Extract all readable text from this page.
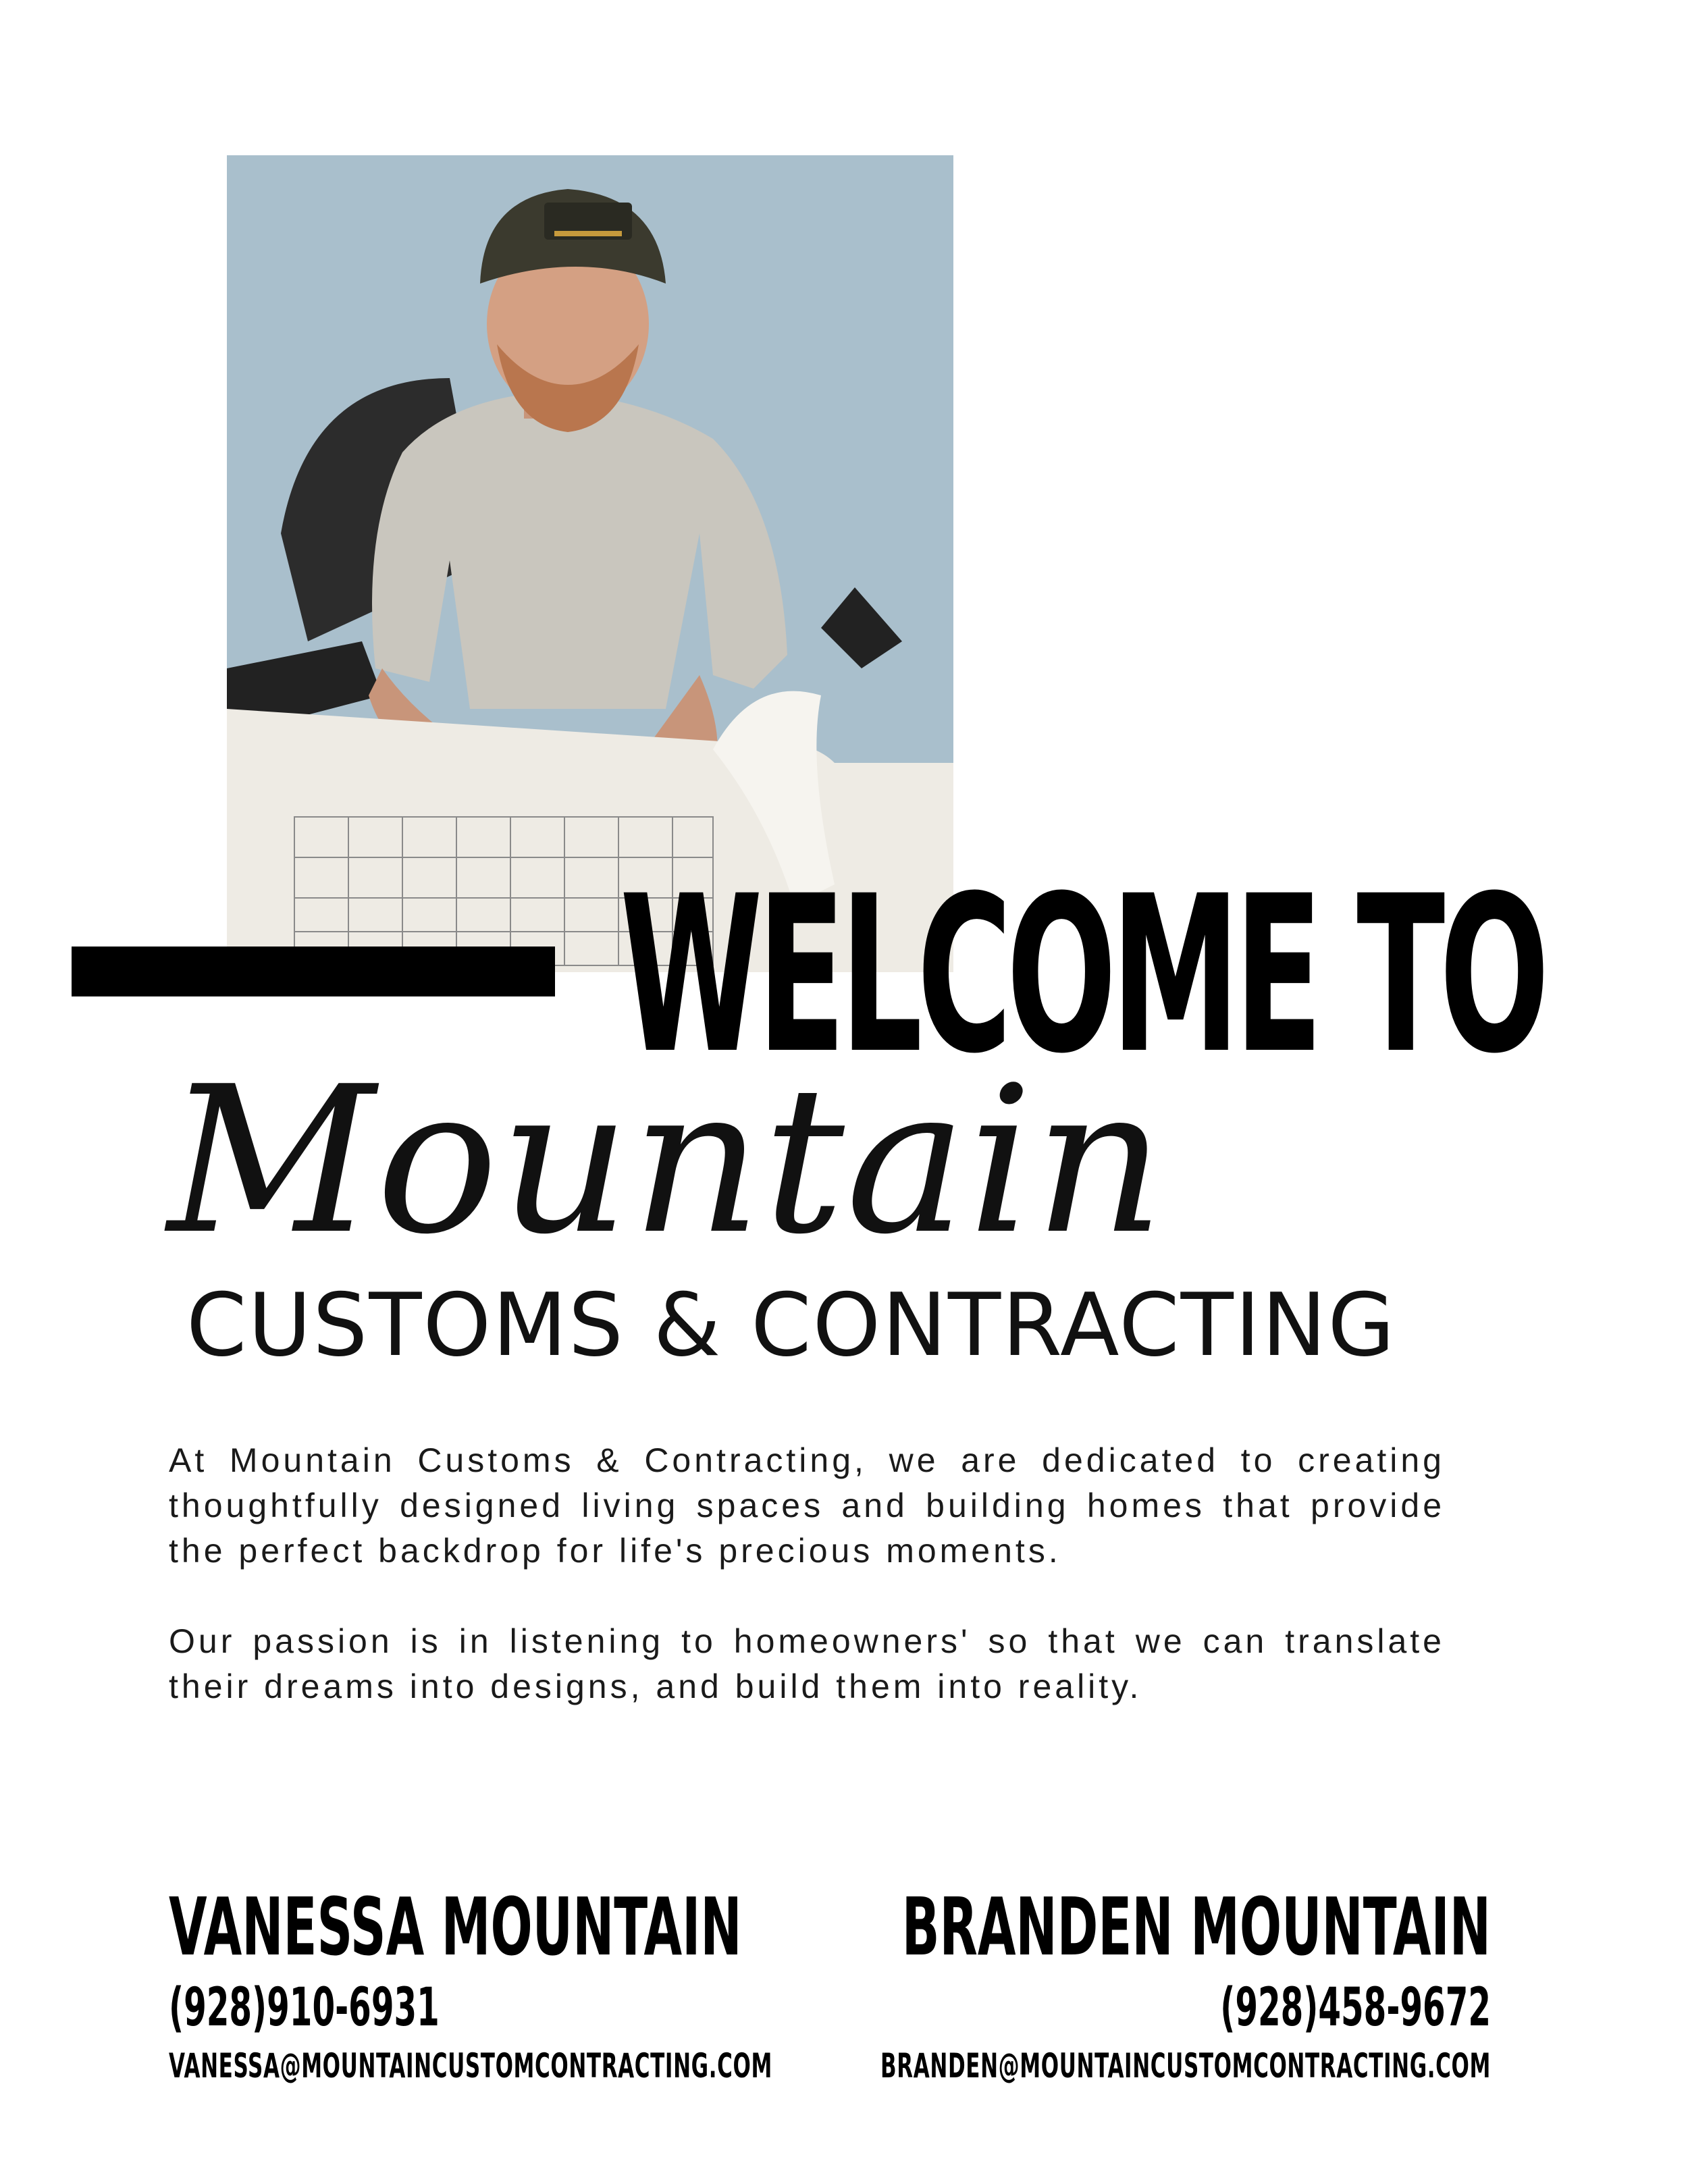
WELCOME TO
Mountain
CUSTOMS & CONTRACTING

At Mountain Customs & Contracting, we are dedicated to creating thoughtfully designed living spaces and building homes that provide the perfect backdrop for life's precious moments.

Our passion is in listening to homeowners' so that we can translate their dreams into designs, and build them into reality.

VANESSA MOUNTAIN
(928)910-6931
VANESSA@MOUNTAINCUSTOMCONTRACTING.COM
BRANDEN MOUNTAIN
(928)458-9672
BRANDEN@MOUNTAINCUSTOMCONTRACTING.COM
